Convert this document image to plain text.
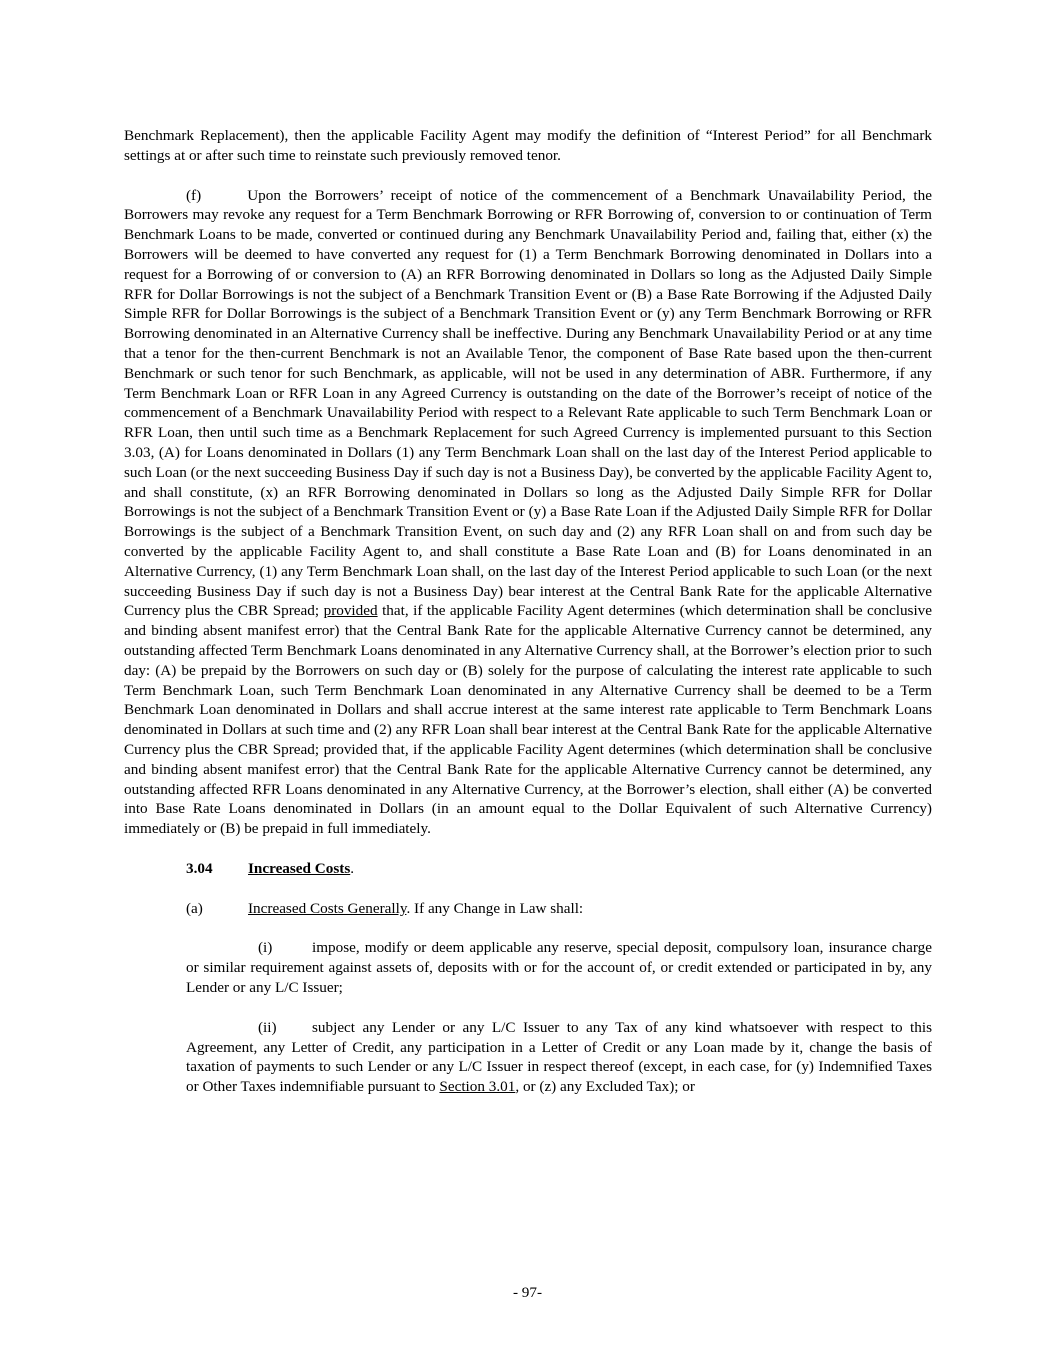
Benchmark Replacement), then the applicable Facility Agent may modify the definition of “Interest Period” for all Benchmark settings at or after such time to reinstate such previously removed tenor.

(f)	Upon the Borrowers’ receipt of notice of the commencement of a Benchmark Unavailability Period, the Borrowers may revoke any request for a Term Benchmark Borrowing or RFR Borrowing of, conversion to or continuation of Term Benchmark Loans to be made, converted or continued during any Benchmark Unavailability Period and, failing that, either (x) the Borrowers will be deemed to have converted any request for (1) a Term Benchmark Borrowing denominated in Dollars into a request for a Borrowing of or conversion to (A) an RFR Borrowing denominated in Dollars so long as the Adjusted Daily Simple RFR for Dollar Borrowings is not the subject of a Benchmark Transition Event or (B) a Base Rate Borrowing if the Adjusted Daily Simple RFR for Dollar Borrowings is the subject of a Benchmark Transition Event or (y) any Term Benchmark Borrowing or RFR Borrowing denominated in an Alternative Currency shall be ineffective. During any Benchmark Unavailability Period or at any time that a tenor for the then-current Benchmark is not an Available Tenor, the component of Base Rate based upon the then-current Benchmark or such tenor for such Benchmark, as applicable, will not be used in any determination of ABR. Furthermore, if any Term Benchmark Loan or RFR Loan in any Agreed Currency is outstanding on the date of the Borrower’s receipt of notice of the commencement of a Benchmark Unavailability Period with respect to a Relevant Rate applicable to such Term Benchmark Loan or RFR Loan, then until such time as a Benchmark Replacement for such Agreed Currency is implemented pursuant to this Section 3.03, (A) for Loans denominated in Dollars (1) any Term Benchmark Loan shall on the last day of the Interest Period applicable to such Loan (or the next succeeding Business Day if such day is not a Business Day), be converted by the applicable Facility Agent to, and shall constitute, (x) an RFR Borrowing denominated in Dollars so long as the Adjusted Daily Simple RFR for Dollar Borrowings is not the subject of a Benchmark Transition Event or (y) a Base Rate Loan if the Adjusted Daily Simple RFR for Dollar Borrowings is the subject of a Benchmark Transition Event, on such day and (2) any RFR Loan shall on and from such day be converted by the applicable Facility Agent to, and shall constitute a Base Rate Loan and (B) for Loans denominated in an Alternative Currency, (1) any Term Benchmark Loan shall, on the last day of the Interest Period applicable to such Loan (or the next succeeding Business Day if such day is not a Business Day) bear interest at the Central Bank Rate for the applicable Alternative Currency plus the CBR Spread; provided that, if the applicable Facility Agent determines (which determination shall be conclusive and binding absent manifest error) that the Central Bank Rate for the applicable Alternative Currency cannot be determined, any outstanding affected Term Benchmark Loans denominated in any Alternative Currency shall, at the Borrower’s election prior to such day: (A) be prepaid by the Borrowers on such day or (B) solely for the purpose of calculating the interest rate applicable to such Term Benchmark Loan, such Term Benchmark Loan denominated in any Alternative Currency shall be deemed to be a Term Benchmark Loan denominated in Dollars and shall accrue interest at the same interest rate applicable to Term Benchmark Loans denominated in Dollars at such time and (2) any RFR Loan shall bear interest at the Central Bank Rate for the applicable Alternative Currency plus the CBR Spread; provided that, if the applicable Facility Agent determines (which determination shall be conclusive and binding absent manifest error) that the Central Bank Rate for the applicable Alternative Currency cannot be determined, any outstanding affected RFR Loans denominated in any Alternative Currency, at the Borrower’s election, shall either (A) be converted into Base Rate Loans denominated in Dollars (in an amount equal to the Dollar Equivalent of such Alternative Currency) immediately or (B) be prepaid in full immediately.

3.04 Increased Costs.

(a)	Increased Costs Generally. If any Change in Law shall:

(i)	impose, modify or deem applicable any reserve, special deposit, compulsory loan, insurance charge or similar requirement against assets of, deposits with or for the account of, or credit extended or participated in by, any Lender or any L/C Issuer;

(ii) subject any Lender or any L/C Issuer to any Tax of any kind whatsoever with respect to this Agreement, any Letter of Credit, any participation in a Letter of Credit or any Loan made by it, change the basis of taxation of payments to such Lender or any L/C Issuer in respect thereof (except, in each case, for (y) Indemnified Taxes or Other Taxes indemnifiable pursuant to Section 3.01, or (z) any Excluded Tax); or

- 97-
